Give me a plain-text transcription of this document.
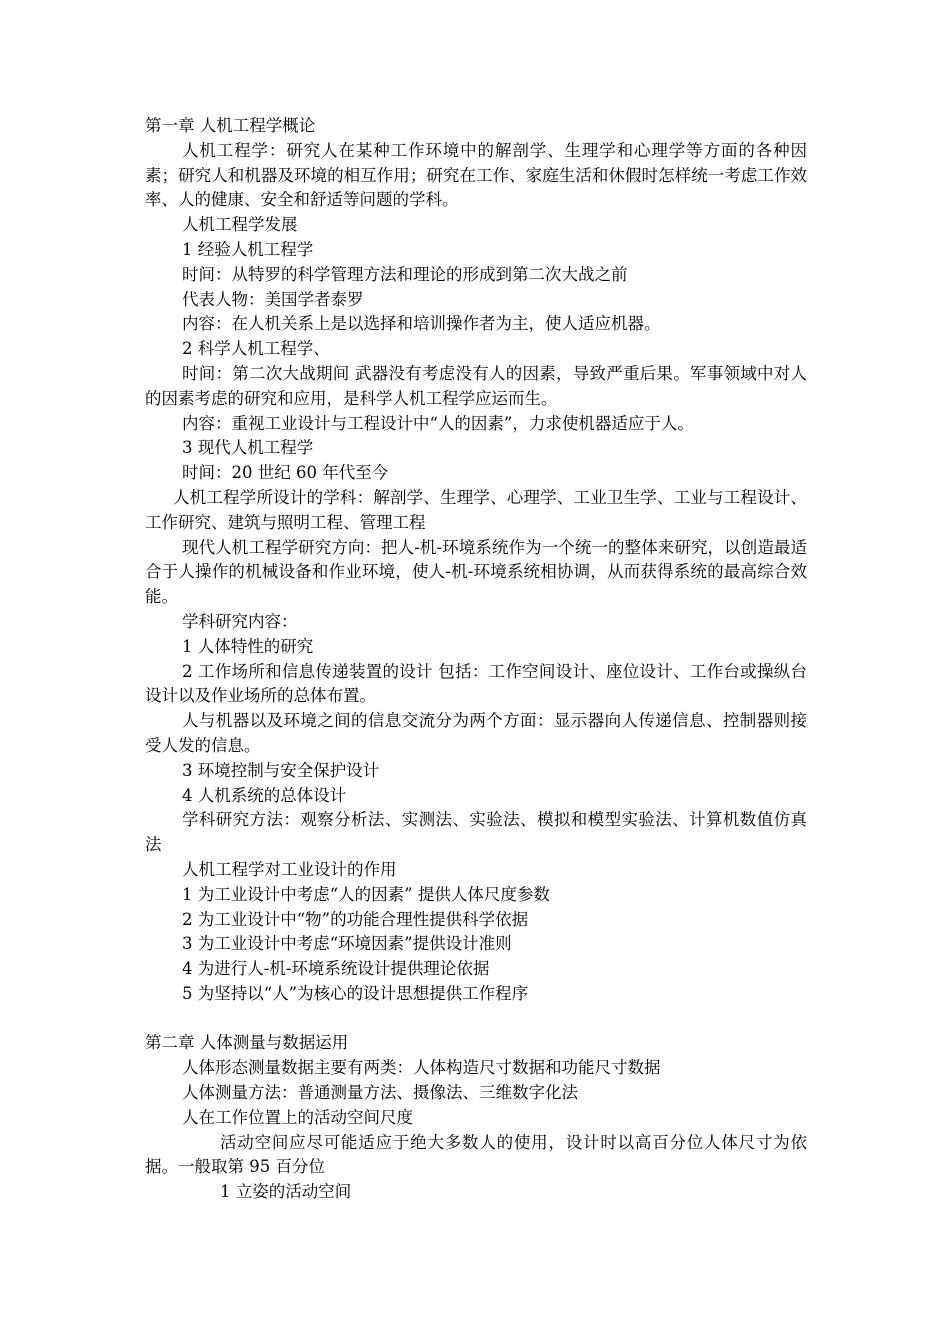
第一章 人机工程学概论

人机工程学：研究人在某种工作环境中的解剖学、生理学和心理学等方面的各种因素；研究人和机器及环境的相互作用；研究在工作、家庭生活和休假时怎样统一考虑工作效率、人的健康、安全和舒适等问题的学科。

人机工程学发展

1 经验人机工程学

时间：从特罗的科学管理方法和理论的形成到第二次大战之前

代表人物：美国学者泰罗

内容：在人机关系上是以选择和培训操作者为主，使人适应机器。

2 科学人机工程学、

时间：第二次大战期间 武器没有考虑没有人的因素，导致严重后果。军事领域中对人的因素考虑的研究和应用，是科学人机工程学应运而生。

内容：重视工业设计与工程设计中“人的因素”，力求使机器适应于人。

3 现代人机工程学

时间：20 世纪 60 年代至今

人机工程学所设计的学科：解剖学、生理学、心理学、工业卫生学、工业与工程设计、工作研究、建筑与照明工程、管理工程

现代人机工程学研究方向：把人-机-环境系统作为一个统一的整体来研究，以创造最适合于人操作的机械设备和作业环境，使人-机-环境系统相协调，从而获得系统的最高综合效能。

学科研究内容：

1 人体特性的研究

2 工作场所和信息传递装置的设计 包括：工作空间设计、座位设计、工作台或操纵台设计以及作业场所的总体布置。

人与机器以及环境之间的信息交流分为两个方面：显示器向人传递信息、控制器则接受人发的信息。

3 环境控制与安全保护设计

4 人机系统的总体设计

学科研究方法：观察分析法、实测法、实验法、模拟和模型实验法、计算机数值仿真法

人机工程学对工业设计的作用

1 为工业设计中考虑“人的因素” 提供人体尺度参数

2 为工业设计中“物”的功能合理性提供科学依据

3 为工业设计中考虑“环境因素”提供设计准则

4 为进行人-机-环境系统设计提供理论依据

5 为坚持以“人”为核心的设计思想提供工作程序

第二章 人体测量与数据运用

人体形态测量数据主要有两类：人体构造尺寸数据和功能尺寸数据

人体测量方法：普通测量方法、摄像法、三维数字化法

人在工作位置上的活动空间尺度

活动空间应尽可能适应于绝大多数人的使用，设计时以高百分位人体尺寸为依据。一般取第 95 百分位

1 立姿的活动空间
